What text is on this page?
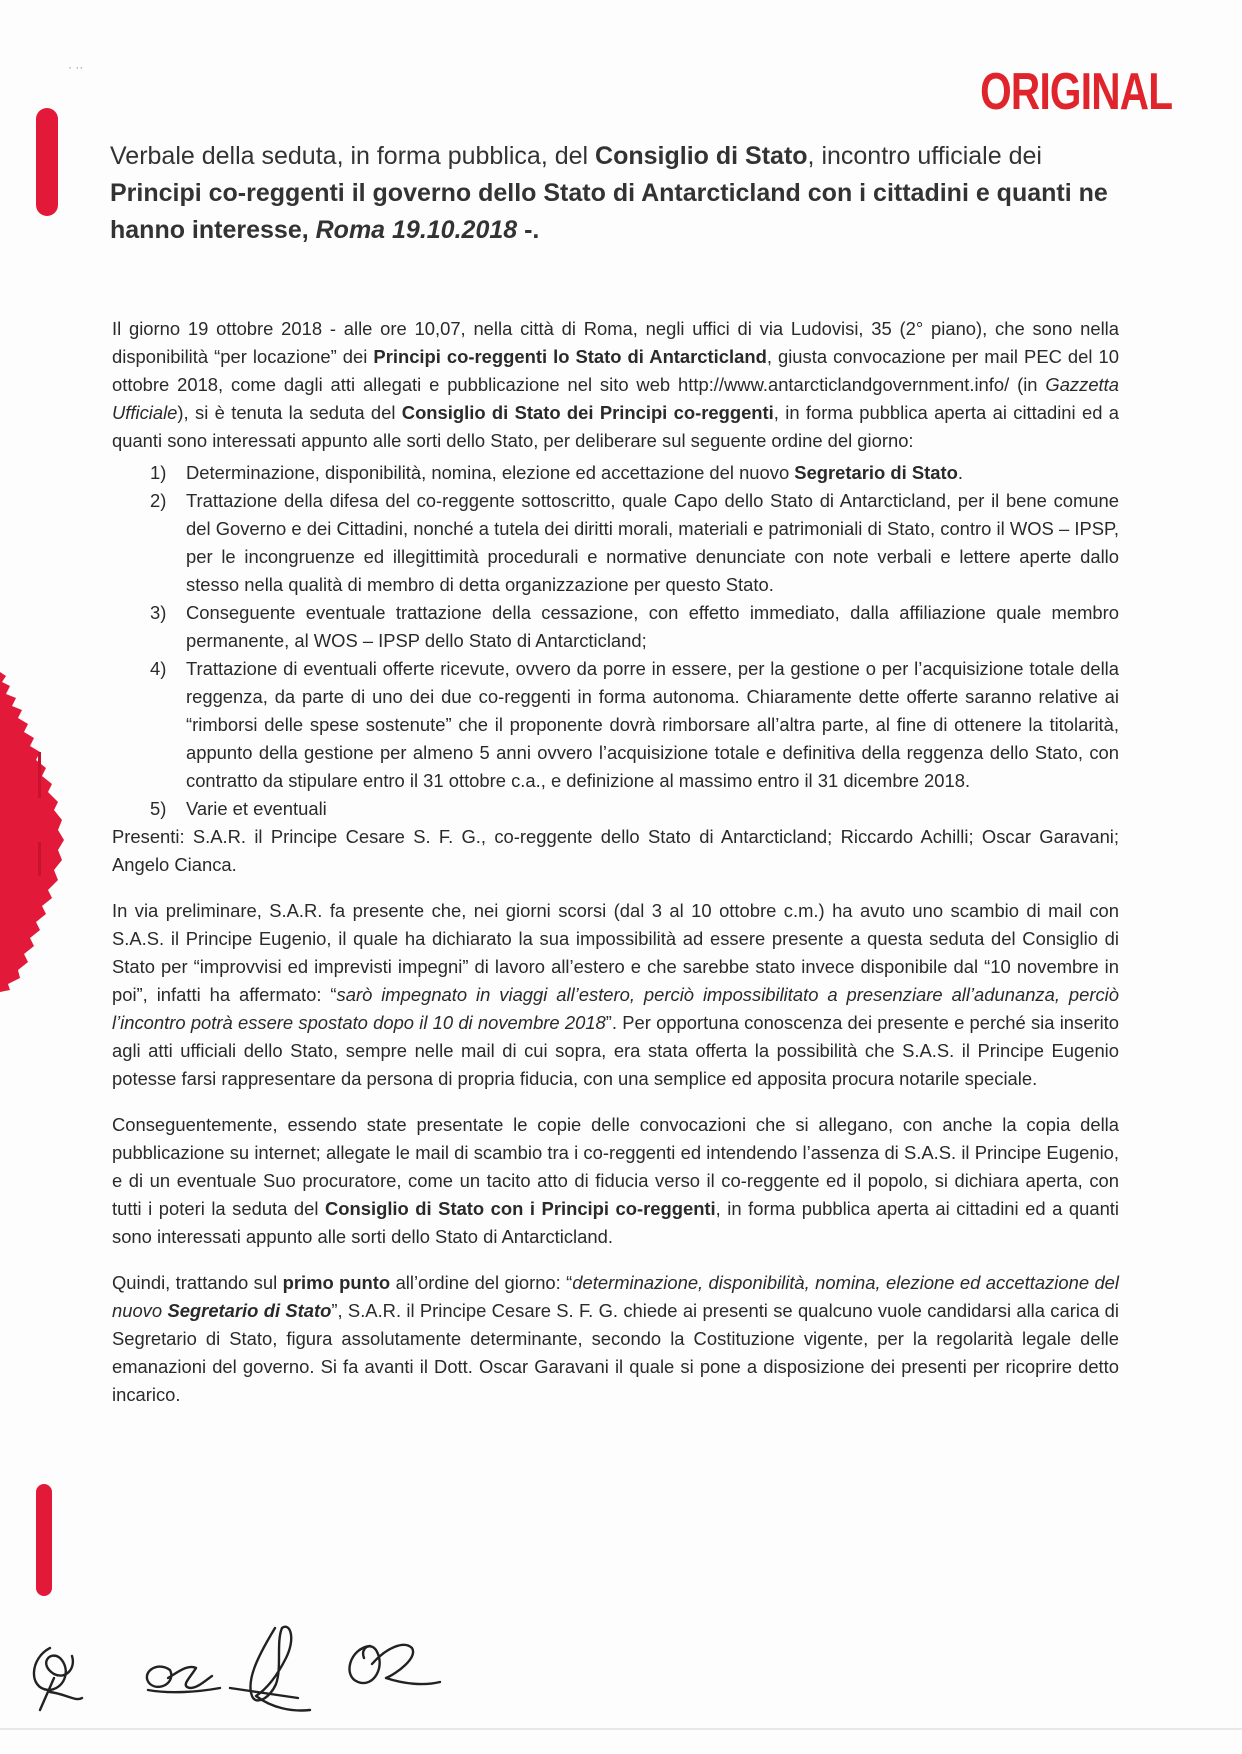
· ··	ORIGINAL
Verbale della seduta, in forma pubblica, del Consiglio di Stato, incontro ufficiale dei Principi co-reggenti il governo dello Stato di Antarcticland con i cittadini e quanti ne hanno interesse, Roma 19.10.2018 -.

Il giorno 19 ottobre 2018 - alle ore 10,07, nella città di Roma, negli uffici di via Ludovisi, 35 (2° piano), che sono nella disponibilità “per locazione” dei Principi co-reggenti lo Stato di Antarcticland, giusta convocazione per mail PEC del 10 ottobre 2018, come dagli atti allegati e pubblicazione nel sito web http://www.antarcticlandgovernment.info/ (in Gazzetta Ufficiale), si è tenuta la seduta del Consiglio di Stato dei Principi co-reggenti, in forma pubblica aperta ai cittadini ed a quanti sono interessati appunto alle sorti dello Stato, per deliberare sul seguente ordine del giorno:

1) Determinazione, disponibilità, nomina, elezione ed accettazione del nuovo Segretario di Stato.
2) Trattazione della difesa del co-reggente sottoscritto, quale Capo dello Stato di Antarcticland, per il bene comune del Governo e dei Cittadini, nonché a tutela dei diritti morali, materiali e patrimoniali di Stato, contro il WOS – IPSP, per le incongruenze ed illegittimità procedurali e normative denunciate con note verbali e lettere aperte dallo stesso nella qualità di membro di detta organizzazione per questo Stato.
3) Conseguente eventuale trattazione della cessazione, con effetto immediato, dalla affiliazione quale membro permanente, al WOS – IPSP dello Stato di Antarcticland;
4) Trattazione di eventuali offerte ricevute, ovvero da porre in essere, per la gestione o per l’acquisizione totale della reggenza, da parte di uno dei due co-reggenti in forma autonoma. Chiaramente dette offerte saranno relative ai “rimborsi delle spese sostenute” che il proponente dovrà rimborsare all’altra parte, al fine di ottenere la titolarità, appunto della gestione per almeno 5 anni ovvero l’acquisizione totale e definitiva della reggenza dello Stato, con contratto da stipulare entro il 31 ottobre c.a., e definizione al massimo entro il 31 dicembre 2018.
5) Varie et eventuali

Presenti: S.A.R. il Principe Cesare S. F. G., co-reggente dello Stato di Antarcticland; Riccardo Achilli; Oscar Garavani; Angelo Cianca.

In via preliminare, S.A.R. fa presente che, nei giorni scorsi (dal 3 al 10 ottobre c.m.) ha avuto uno scambio di mail con S.A.S. il Principe Eugenio, il quale ha dichiarato la sua impossibilità ad essere presente a questa seduta del Consiglio di Stato per “improvvisi ed imprevisti impegni” di lavoro all’estero e che sarebbe stato invece disponibile dal “10 novembre in poi”, infatti ha affermato: “sarò impegnato in viaggi all’estero, perciò impossibilitato a presenziare all’adunanza, perciò l’incontro potrà essere spostato dopo il 10 di novembre 2018”. Per opportuna conoscenza dei presente e perché sia inserito agli atti ufficiali dello Stato, sempre nelle mail di cui sopra, era stata offerta la possibilità che S.A.S. il Principe Eugenio potesse farsi rappresentare da persona di propria fiducia, con una semplice ed apposita procura notarile speciale.

Conseguentemente, essendo state presentate le copie delle convocazioni che si allegano, con anche la copia della pubblicazione su internet; allegate le mail di scambio tra i co-reggenti ed intendendo l’assenza di S.A.S. il Principe Eugenio, e di un eventuale Suo procuratore, come un tacito atto di fiducia verso il co-reggente ed il popolo, si dichiara aperta, con tutti i poteri la seduta del Consiglio di Stato con i Principi co-reggenti, in forma pubblica aperta ai cittadini ed a quanti sono interessati appunto alle sorti dello Stato di Antarcticland.

Quindi, trattando sul primo punto all’ordine del giorno: “determinazione, disponibilità, nomina, elezione ed accettazione del nuovo Segretario di Stato”, S.A.R. il Principe Cesare S. F. G. chiede ai presenti se qualcuno vuole candidarsi alla carica di Segretario di Stato, figura assolutamente determinante, secondo la Costituzione vigente, per la regolarità legale delle emanazioni del governo. Si fa avanti il Dott. Oscar Garavani il quale si pone a disposizione dei presenti per ricoprire detto incarico.
